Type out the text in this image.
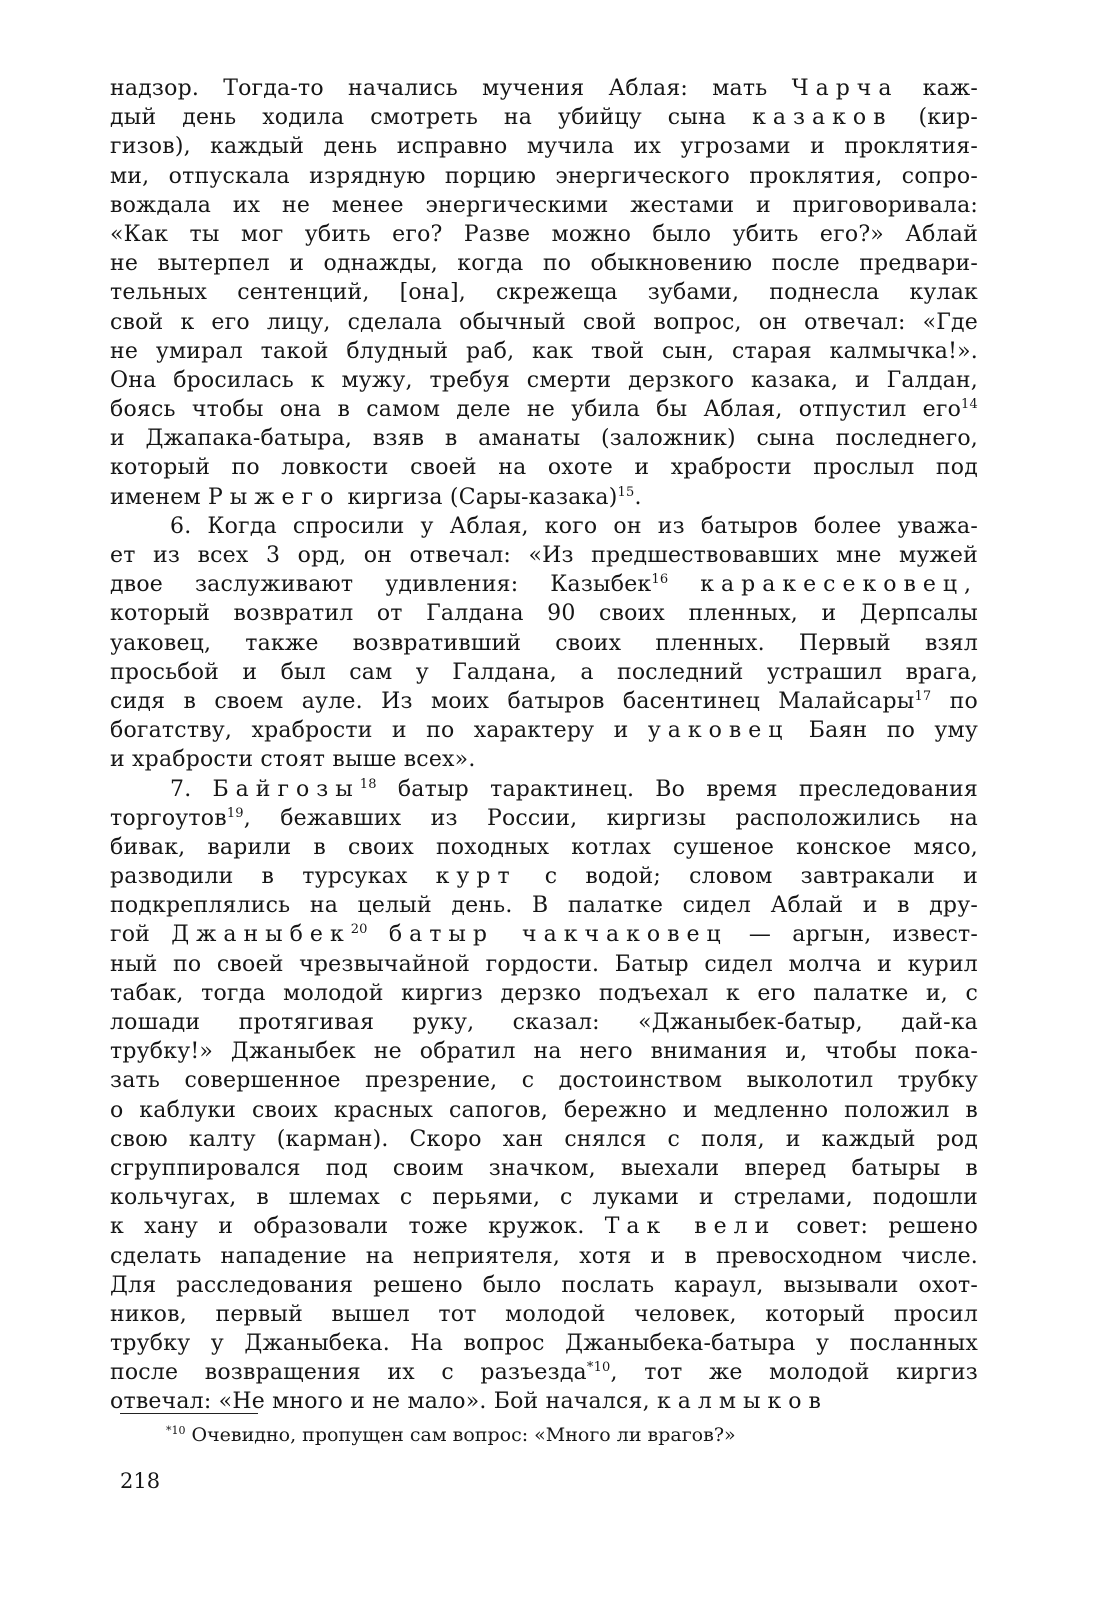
надзор. Тогда-то начались мучения Аблая: мать Чарча каж-
дый день ходила смотреть на убийцу сына казаков (кир-
гизов), каждый день исправно мучила их угрозами и проклятия-
ми, отпускала изрядную порцию энергического проклятия, сопро-
вождала их не менее энергическими жестами и приговоривала:
«Как ты мог убить его? Разве можно было убить его?» Аблай
не вытерпел и однажды, когда по обыкновению после предвари-
тельных сентенций, [она], скрежеща зубами, поднесла кулак
свой к его лицу, сделала обычный свой вопрос, он отвечал: «Где
не умирал такой блудный раб, как твой сын, старая калмычка!».
Она бросилась к мужу, требуя смерти дерзкого казака, и Галдан,
боясь чтобы она в самом деле не убила бы Аблая, отпустил его$^{14}$
и Джапака-батыра, взяв в аманаты (заложник) сына последнего,
который по ловкости своей на охоте и храбрости прослыл под
именем Рыжего киргиза (Сары-казака)$^{15}$.
6. Когда спросили у Аблая, кого он из батыров более уважа-
ет из всех 3 орд, он отвечал: «Из предшествовавших мне мужей
двое заслуживают удивления: Казыбек$^{16}$ каракесековец,
который возвратил от Галдана 90 своих пленных, и Дерпсалы
уаковец, также возвративший своих пленных. Первый взял
просьбой и был сам у Галдана, а последний устрашил врага,
сидя в своем ауле. Из моих батыров басентинец Малайсары$^{17}$ по
богатству, храбрости и по характеру и уаковец Баян по уму
и храбрости стоят выше всех».
7. Байгозы$^{18}$ батыр тарактинец. Во время преследования
торгоутов$^{19}$, бежавших из России, киргизы расположились на
бивак, варили в своих походных котлах сушеное конское мясо,
разводили в турсуках курт с водой; словом завтракали и
подкреплялись на целый день. В палатке сидел Аблай и в дру-
гой Джаныбек$^{20}$ батыр чакчаковец — аргын, извест-
ный по своей чрезвычайной гордости. Батыр сидел молча и курил
табак, тогда молодой киргиз дерзко подъехал к его палатке и, с
лошади протягивая руку, сказал: «Джаныбек-батыр, дай-ка
трубку!» Джаныбек не обратил на него внимания и, чтобы пока-
зать совершенное презрение, с достоинством выколотил трубку
о каблуки своих красных сапогов, бережно и медленно положил в
свою калту (карман). Скоро хан снялся с поля, и каждый род
сгруппировался под своим значком, выехали вперед батыры в
кольчугах, в шлемах с перьями, с луками и стрелами, подошли
к хану и образовали тоже кружок. Так вели совет: решено
сделать нападение на неприятеля, хотя и в превосходном числе.
Для расследования решено было послать караул, вызывали охот-
ников, первый вышел тот молодой человек, который просил
трубку у Джаныбека. На вопрос Джаныбека-батыра у посланных
после возвращения их с разъезда$^{*10}$, тот же молодой киргиз
отвечал: «Не много и не мало». Бой начался, калмыков
$^{*10}$ Очевидно, пропущен сам вопрос: «Много ли врагов?»
218
